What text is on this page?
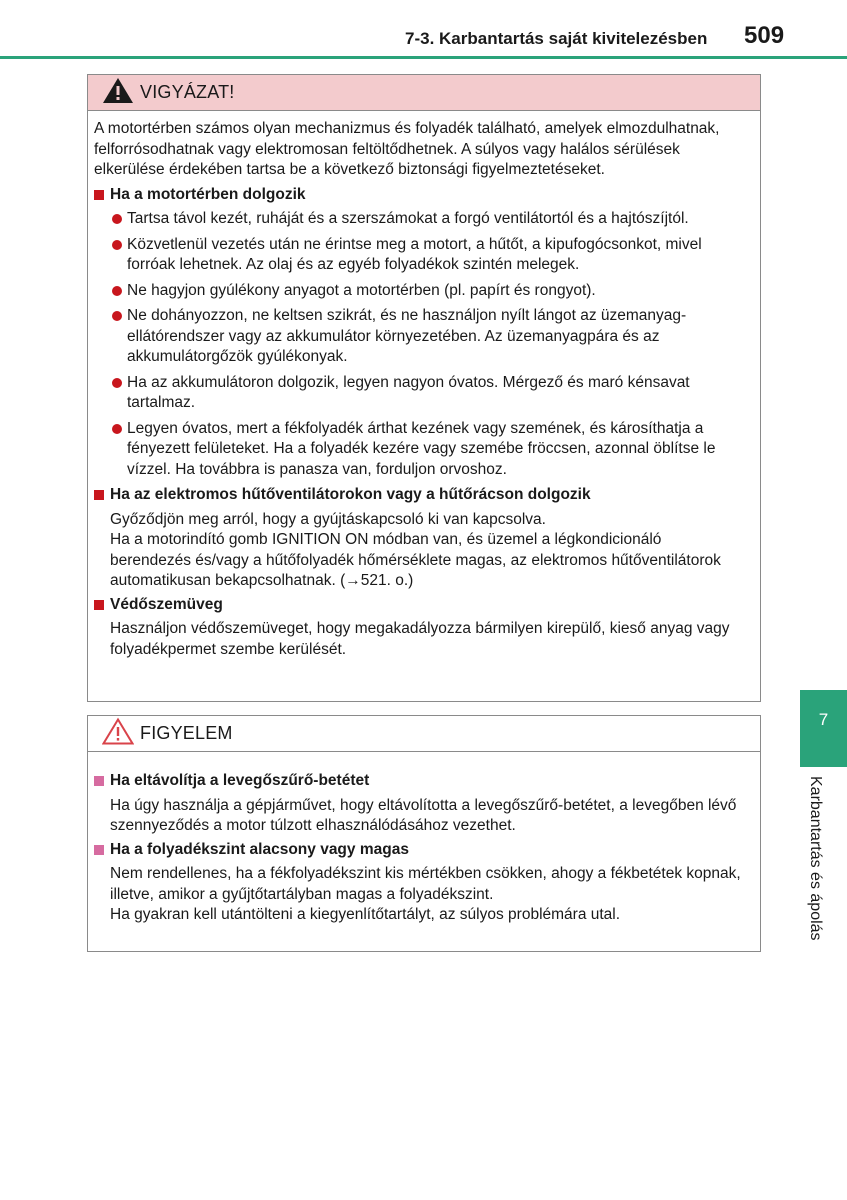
7-3. Karbantartás saját kivitelezésben 509
7
Karbantartás és ápolás
VIGYÁZAT!

A motortérben számos olyan mechanizmus és folyadék található, amelyek elmozdulhatnak, felforrósodhatnak vagy elektromosan feltöltődhetnek. A súlyos vagy halálos sérülések elkerülése érdekében tartsa be a következő biztonsági figyelmeztetéseket.

Ha a motortérben dolgozik
Tartsa távol kezét, ruháját és a szerszámokat a forgó ventilátortól és a hajtószíjtól.
Közvetlenül vezetés után ne érintse meg a motort, a hűtőt, a kipufogócsonkot, mivel forróak lehetnek. Az olaj és az egyéb folyadékok szintén melegek.
Ne hagyjon gyúlékony anyagot a motortérben (pl. papírt és rongyot).
Ne dohányozzon, ne keltsen szikrát, és ne használjon nyílt lángot az üzemanyag-ellátórendszer vagy az akkumulátor környezetében. Az üzemanyagpára és az akkumulátorgőzök gyúlékonyak.
Ha az akkumulátoron dolgozik, legyen nagyon óvatos. Mérgező és maró kénsavat tartalmaz.
Legyen óvatos, mert a fékfolyadék árthat kezének vagy szemének, és károsíthatja a fényezett felületeket. Ha a folyadék kezére vagy szemébe fröccsen, azonnal öblítse le vízzel. Ha továbbra is panasza van, forduljon orvoshoz.
Ha az elektromos hűtőventilátorokon vagy a hűtőrácson dolgozik
Győződjön meg arról, hogy a gyújtáskapcsoló ki van kapcsolva.
Ha a motorindító gomb IGNITION ON módban van, és üzemel a légkondicionáló berendezés és/vagy a hűtőfolyadék hőmérséklete magas, az elektromos hűtőventilátorok automatikusan bekapcsolhatnak. (→521. o.)
Védőszemüveg
Használjon védőszemüveget, hogy megakadályozza bármilyen kirepülő, kieső anyag vagy folyadékpermet szembe kerülését.
FIGYELEM
Ha eltávolítja a levegőszűrő-betétet
Ha úgy használja a gépjárművet, hogy eltávolította a levegőszűrő-betétet, a levegőben lévő szennyeződés a motor túlzott elhasználódásához vezethet.
Ha a folyadékszint alacsony vagy magas
Nem rendellenes, ha a fékfolyadékszint kis mértékben csökken, ahogy a fékbetétek kopnak, illetve, amikor a gyűjtőtartályban magas a folyadékszint.
Ha gyakran kell utántölteni a kiegyenlítőtartályt, az súlyos problémára utal.
